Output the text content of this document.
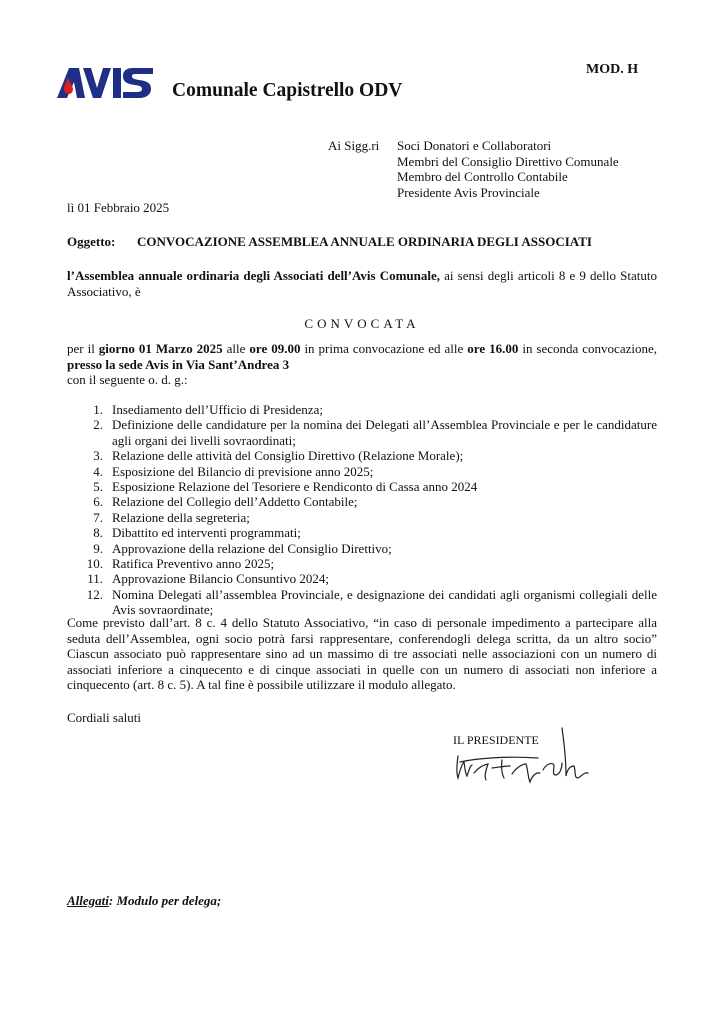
Comunale Capistrello ODV
MOD. H
Ai Sigg.ri Soci Donatori e Collaboratori
Membri del Consiglio Direttivo Comunale
Membro del Controllo Contabile
Presidente Avis Provinciale
lì 01 Febbraio 2025
Oggetto: CONVOCAZIONE ASSEMBLEA ANNUALE ORDINARIA DEGLI ASSOCIATI
l’Assemblea annuale ordinaria degli Associati dell’Avis Comunale, ai sensi degli articoli 8 e 9 dello Statuto Associativo, è
CONVOCATA
per il giorno 01 Marzo 2025 alle ore 09.00 in prima convocazione ed alle ore 16.00 in seconda convocazione, presso la sede Avis in Via Sant’Andrea 3
con il seguente o. d. g.:
1. Insediamento dell’Ufficio di Presidenza;
2. Definizione delle candidature per la nomina dei Delegati all’Assemblea Provinciale e per le candidature agli organi dei livelli sovraordinati;
3. Relazione delle attività del Consiglio Direttivo (Relazione Morale);
4. Esposizione del Bilancio di previsione anno 2025;
5. Esposizione Relazione del Tesoriere e Rendiconto di Cassa anno 2024
6. Relazione del Collegio dell’Addetto Contabile;
7. Relazione della segreteria;
8. Dibattito ed interventi programmati;
9. Approvazione della relazione del Consiglio Direttivo;
10. Ratifica Preventivo anno 2025;
11. Approvazione Bilancio Consuntivo 2024;
12. Nomina Delegati all’assemblea Provinciale, e designazione dei candidati agli organismi collegiali delle Avis sovraordinate;
Come previsto dall’art. 8 c. 4 dello Statuto Associativo, “in caso di personale impedimento a partecipare alla seduta dell’Assemblea, ogni socio potrà farsi rappresentare, conferendogli delega scritta, da un altro socio” Ciascun associato può rappresentare sino ad un massimo di tre associati nelle associazioni con un numero di associati inferiore a cinquecento e di cinque associati in quelle con un numero di associati non inferiore a cinquecento (art. 8 c. 5). A tal fine è possibile utilizzare il modulo allegato.
Cordiali saluti
IL PRESIDENTE
Allegati: Modulo per delega;
